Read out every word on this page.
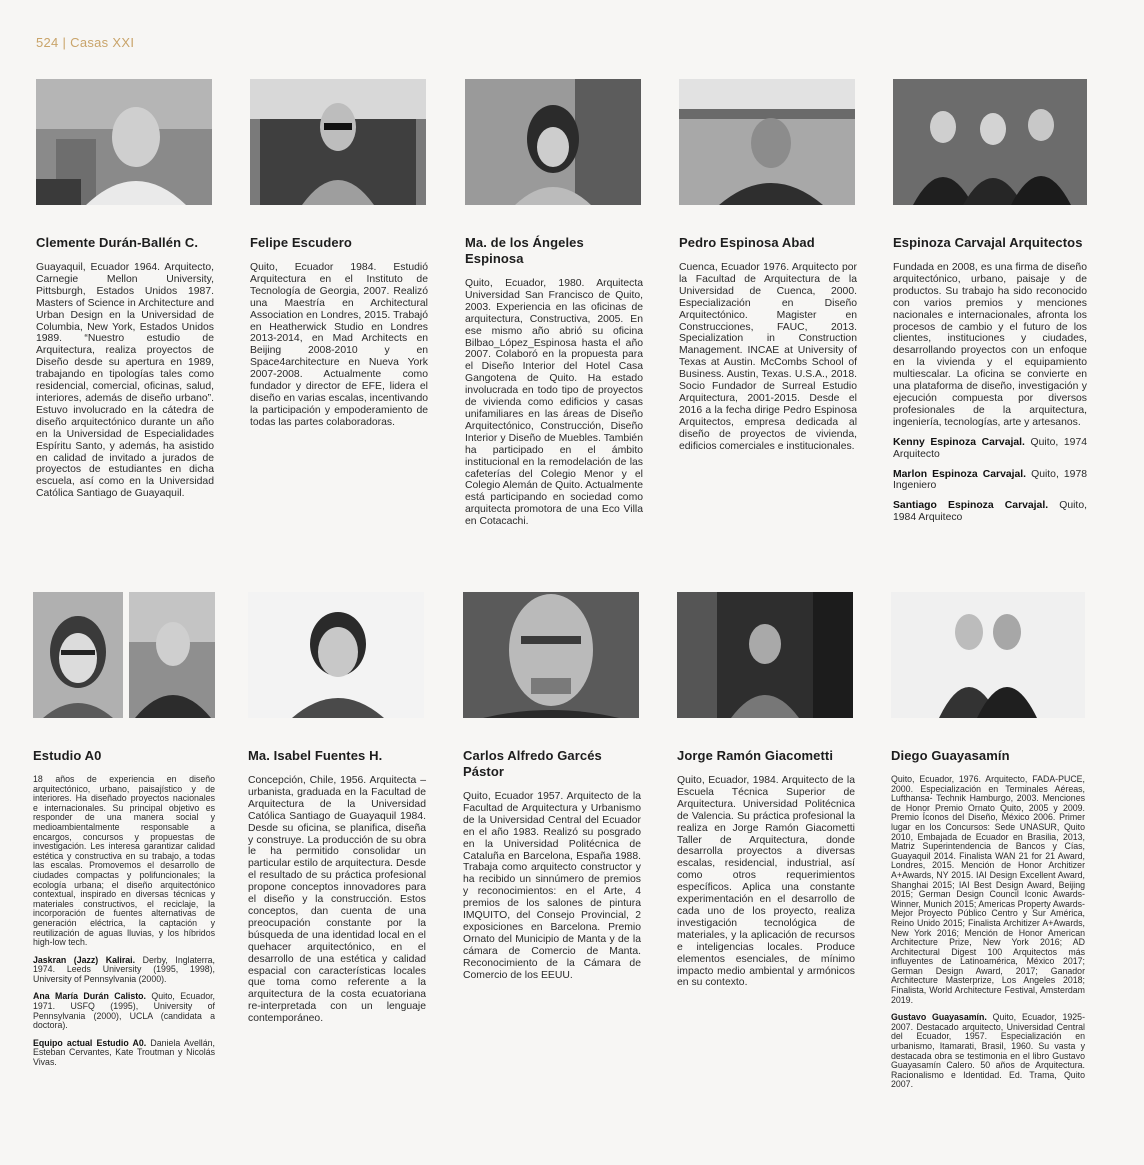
524 | Casas XXI
Clemente Durán-Ballén C.
Guayaquil, Ecuador 1964. Arquitecto, Carnegie Mellon University, Pittsburgh, Estados Unidos 1987. Masters of Science in Architecture and Urban Design en la Universidad de Columbia, New York, Estados Unidos 1989. “Nuestro estudio de Arquitectura, realiza proyectos de Diseño desde su apertura en 1989, trabajando en tipologías tales como residencial, comercial, oficinas, salud, interiores, además de diseño urbano”. Estuvo involucrado en la cátedra de diseño arquitectónico durante un año en la Universidad de Especialidades Espíritu Santo, y además, ha asistido en calidad de invitado a jurados de proyectos de estudiantes en dicha escuela, así como en la Universidad Católica Santiago de Guayaquil.
Felipe Escudero
Quito, Ecuador 1984. Estudió Arquitectura en el Instituto de Tecnología de Georgia, 2007. Realizó una Maestría en Architectural Association en Londres, 2015. Trabajó en Heatherwick Studio en Londres 2013-2014, en Mad Architects en Beijing 2008-2010 y en Space4architecture en Nueva York 2007-2008. Actualmente como fundador y director de EFE, lidera el diseño en varias escalas, incentivando la participación y empoderamiento de todas las partes colaboradoras.
Ma. de los Ángeles Espinosa
Quito, Ecuador, 1980. Arquitecta Universidad San Francisco de Quito, 2003. Experiencia en las oficinas de arquitectura, Constructiva, 2005. En ese mismo año abrió su oficina Bilbao_López_Espinosa hasta el año 2007. Colaboró en la propuesta para el Diseño Interior del Hotel Casa Gangotena de Quito. Ha estado involucrada en todo tipo de proyectos de vivienda como edificios y casas unifamiliares en las áreas de Diseño Arquitectónico, Construcción, Diseño Interior y Diseño de Muebles. También ha participado en el ámbito institucional en la remodelación de las cafeterías del Colegio Menor y el Colegio Alemán de Quito. Actualmente está participando en sociedad como arquitecta promotora de una Eco Villa en Cotacachi.
Pedro Espinosa Abad
Cuenca, Ecuador 1976. Arquitecto por la Facultad de Arquitectura de la Universidad de Cuenca, 2000. Especialización en Diseño Arquitectónico. Magister en Construcciones, FAUC, 2013. Specialization in Construction Management. INCAE at University of Texas at Austin. McCombs School of Business. Austin, Texas. U.S.A., 2018. Socio Fundador de Surreal Estudio Arquitectura, 2001-2015. Desde el 2016 a la fecha dirige Pedro Espinosa Arquitectos, empresa dedicada al diseño de proyectos de vivienda, edificios comerciales e institucionales.
Espinoza Carvajal Arquitectos
Fundada en 2008, es una firma de diseño arquitectónico, urbano, paisaje y de productos. Su trabajo ha sido reconocido con varios premios y menciones nacionales e internacionales, afronta los procesos de cambio y el futuro de los clientes, instituciones y ciudades, desarrollando proyectos con un enfoque en la vivienda y el equipamiento multiescalar. La oficina se convierte en una plataforma de diseño, investigación y ejecución compuesta por diversos profesionales de la arquitectura, ingeniería, tecnologías, arte y artesanos.
Kenny Espinoza Carvajal. Quito, 1974 Arquitecto
Marlon Espinoza Carvajal. Quito, 1978 Ingeniero
Santiago Espinoza Carvajal. Quito, 1984 Arquiteco
Estudio A0
18 años de experiencia en diseño arquitectónico, urbano, paisajístico y de interiores. Ha diseñado proyectos nacionales e internacionales. Su principal objetivo es responder de una manera social y medioambientalmente responsable a encargos, concursos y propuestas de investigación. Les interesa garantizar calidad estética y constructiva en su trabajo, a todas las escalas. Promovemos el desarrollo de ciudades compactas y polifuncionales; la ecología urbana; el diseño arquitectónico contextual, inspirado en diversas técnicas y materiales constructivos, el reciclaje, la incorporación de fuentes alternativas de generación eléctrica, la captación y reutilización de aguas lluvias, y los híbridos high-low tech.
Jaskran (Jazz) Kalirai. Derby, Inglaterra, 1974. Leeds University (1995, 1998), University of Pennsylvania (2000).
Ana María Durán Calisto. Quito, Ecuador, 1971. USFQ (1995), University of Pennsylvania (2000), UCLA (candidata a doctora).
Equipo actual Estudio A0. Daniela Avellán, Esteban Cervantes, Kate Troutman y Nicolás Vivas.
Ma. Isabel Fuentes H.
Concepción, Chile, 1956. Arquitecta – urbanista, graduada en la Facultad de Arquitectura de la Universidad Católica Santiago de Guayaquil 1984. Desde su oficina, se planifica, diseña y construye. La producción de su obra le ha permitido consolidar un particular estilo de arquitectura. Desde el resultado de su práctica profesional propone conceptos innovadores para el diseño y la construcción. Estos conceptos, dan cuenta de una preocupación constante por la búsqueda de una identidad local en el quehacer arquitectónico, en el desarrollo de una estética y calidad espacial con características locales que toma como referente a la arquitectura de la costa ecuatoriana re-interpretada con un lenguaje contemporáneo.
Carlos Alfredo Garcés Pástor
Quito, Ecuador 1957. Arquitecto de la Facultad de Arquitectura y Urbanismo de la Universidad Central del Ecuador en el año 1983. Realizó su posgrado en la Universidad Politécnica de Cataluña en Barcelona, España 1988. Trabaja como arquitecto constructor y ha recibido un sinnúmero de premios y reconocimientos: en el Arte, 4 premios de los salones de pintura IMQUITO, del Consejo Provincial, 2 exposiciones en Barcelona. Premio Ornato del Municipio de Manta y de la cámara de Comercio de Manta. Reconocimiento de la Cámara de Comercio de los EEUU.
Jorge Ramón Giacometti
Quito, Ecuador, 1984. Arquitecto de la Escuela Técnica Superior de Arquitectura. Universidad Politécnica de Valencia. Su práctica profesional la realiza en Jorge Ramón Giacometti Taller de Arquitectura, donde desarrolla proyectos a diversas escalas, residencial, industrial, así como otros requerimientos específicos. Aplica una constante experimentación en el desarrollo de cada uno de los proyecto, realiza investigación tecnológica de materiales, y la aplicación de recursos e inteligencias locales. Produce elementos esenciales, de mínimo impacto medio ambiental y armónicos en su contexto.
Diego Guayasamín
Quito, Ecuador, 1976. Arquitecto, FADA-PUCE, 2000. Especialización en Terminales Aéreas, Lufthansa- Technik Hamburgo, 2003. Menciones de Honor Premio Ornato Quito, 2005 y 2009. Premio Íconos del Diseño, México 2006. Primer lugar en los Concursos: Sede UNASUR, Quito 2010, Embajada de Ecuador en Brasilia, 2013, Matriz Superintendencia de Bancos y Cías, Guayaquil 2014. Finalista WAN 21 for 21 Award, Londres, 2015. Mención de Honor Architizer A+Awards, NY 2015. IAI Design Excellent Award, Shanghai 2015; IAI Best Design Award, Beijing 2015; German Design Council Iconic Awards-Winner, Munich 2015; Americas Property Awards-Mejor Proyecto Público Centro y Sur América, Reino Unido 2015; Finalista Architizer A+Awards, New York 2016; Mención de Honor American Architecture Prize, New York 2016; AD Architectural Digest 100 Arquitectos más influyentes de Latinoamérica, México 2017; German Design Award, 2017; Ganador Architecture Masterprize, Los Angeles 2018; Finalista, World Architecture Festival, Amsterdam 2019.
Gustavo Guayasamín. Quito, Ecuador, 1925-2007. Destacado arquitecto, Universidad Central del Ecuador, 1957. Especialización en urbanismo, Itamarati, Brasil, 1960. Su vasta y destacada obra se testimonia en el libro Gustavo Guayasamín Calero. 50 años de Arquitectura. Racionalismo e Identidad. Ed. Trama, Quito 2007.
